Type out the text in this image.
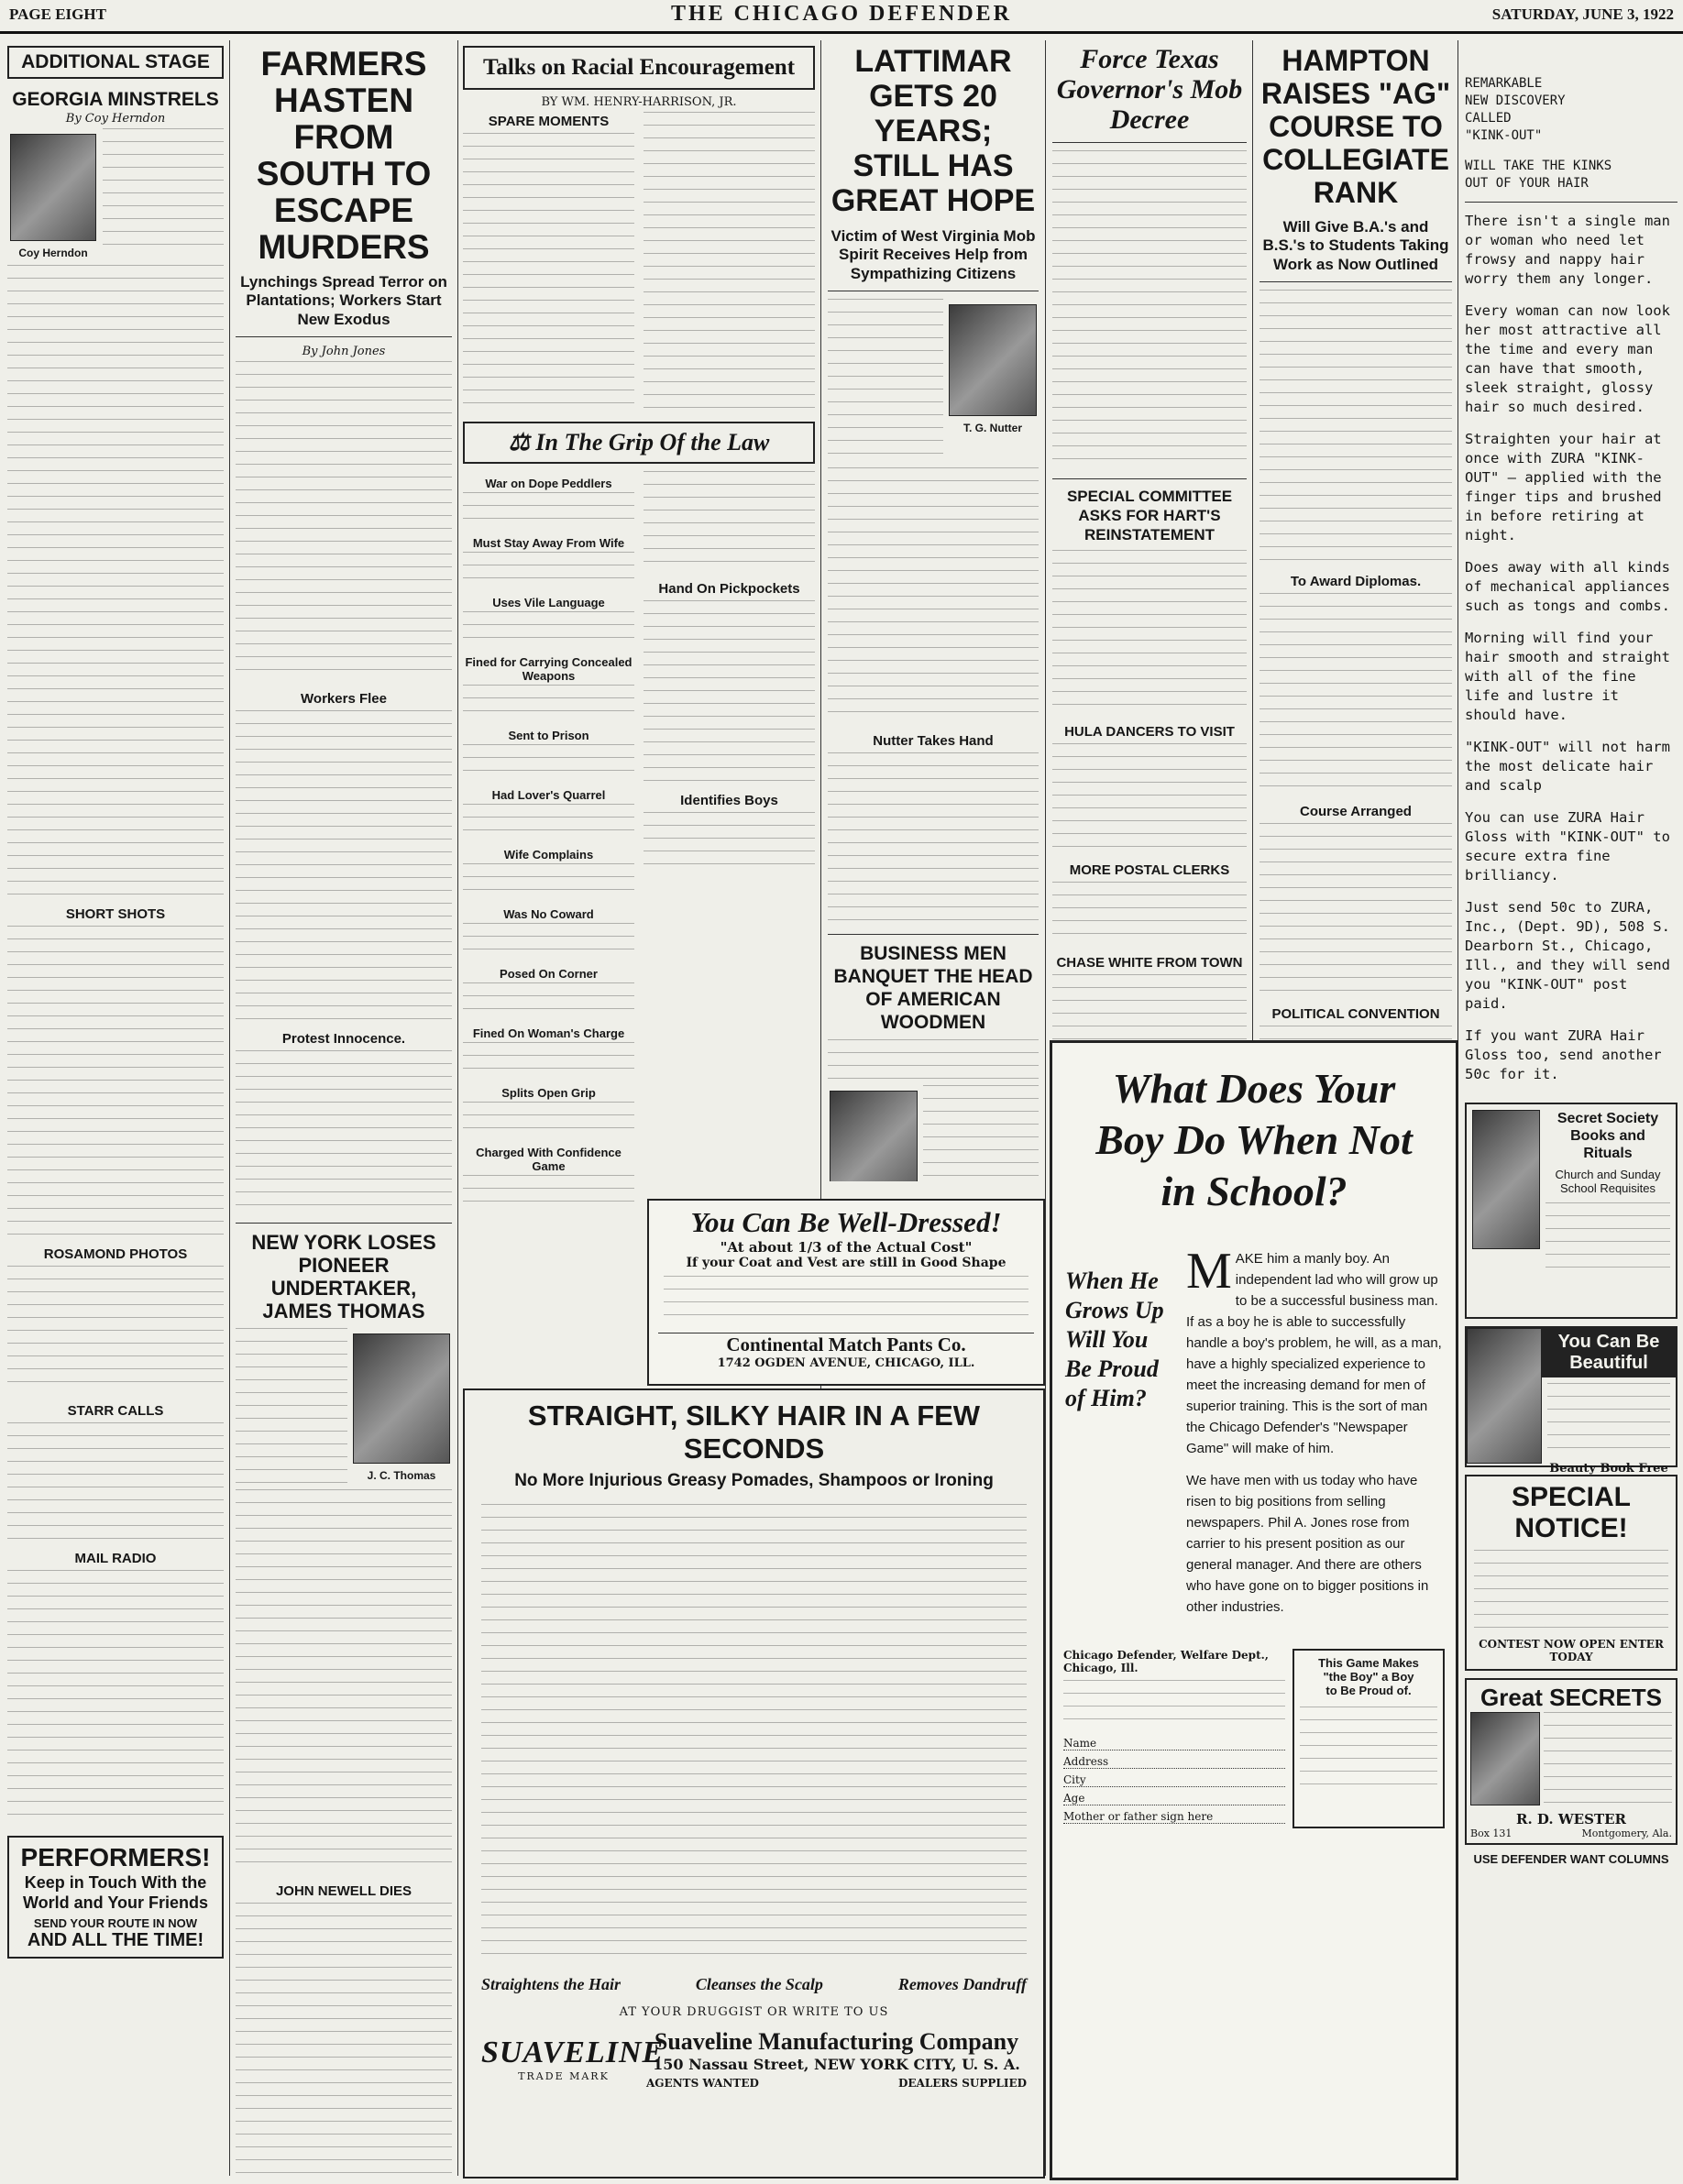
PAGE EIGHT	THE CHICAGO DEFENDER	SATURDAY, JUNE 3, 1922
ADDITIONAL STAGE
GEORGIA MINSTRELS
By Coy Herndon
Coy Herndon
SHORT SHOTS
ROSAMOND PHOTOS
STARR CALLS
MAIL RADIO
PERFORMERS!
Keep in Touch With the World and Your Friends
SEND YOUR ROUTE IN NOW
AND ALL THE TIME!
FARMERS HASTEN FROM SOUTH TO ESCAPE MURDERS
Lynchings Spread Terror on Plantations; Workers Start New Exodus
By John Jones
Workers Flee
Protest Innocence.
NEW YORK LOSES PIONEER UNDERTAKER, JAMES THOMAS
J. C. Thomas
JOHN NEWELL DIES
Talks on Racial Encouragement
BY WM. HENRY-HARRISON, JR.
SPARE MOMENTS
⚖ In The Grip Of the Law
War on Dope Peddlers
Must Stay Away From Wife
Uses Vile Language
Fined for Carrying Concealed Weapons
Sent to Prison
Had Lover's Quarrel
Wife Complains
Was No Coward
Posed On Corner
Fined On Woman's Charge
Splits Open Grip
Charged With Confidence Game
Hand On Pickpockets
Identifies Boys
LATTIMAR GETS 20 YEARS; STILL HAS GREAT HOPE
Victim of West Virginia Mob Spirit Receives Help from Sympathizing Citizens
T. G. Nutter
Nutter Takes Hand
BUSINESS MEN BANQUET THE HEAD OF AMERICAN WOODMEN
Force Texas Governor's Mob Decree
SPECIAL COMMITTEE ASKS FOR HART'S REINSTATEMENT
HULA DANCERS TO VISIT
MORE POSTAL CLERKS
CHASE WHITE FROM TOWN
HAMPTON RAISES "AG" COURSE TO COLLEGIATE RANK
Will Give B.A.'s and B.S.'s to Students Taking Work as Now Outlined
To Award Diplomas.
Course Arranged
POLITICAL CONVENTION
REMARKABLE
NEW DISCOVERY
CALLED
"KINK-OUT"
WILL TAKE THE KINKS
OUT OF YOUR HAIR
There isn't a single man or woman who need let frowsy and nappy hair worry them any longer.
Every woman can now look her most attractive all the time and every man can have that smooth, sleek straight, glossy hair so much desired.
Straighten your hair at once with ZURA "KINK-OUT" — applied with the finger tips and brushed in before retiring at night.
Does away with all kinds of mechanical appliances such as tongs and combs.
Morning will find your hair smooth and straight with all of the fine life and lustre it should have.
"KINK-OUT" will not harm the most delicate hair and scalp
You can use ZURA Hair Gloss with "KINK-OUT" to secure extra fine brilliancy.
Just send 50c to ZURA, Inc., (Dept. 9D), 508 S. Dearborn St., Chicago, Ill., and they will send you "KINK-OUT" post paid.
If you want ZURA Hair Gloss too, send another 50c for it.
Secret Society Books and Rituals
Church and Sunday School Requisites
You Can Be Beautiful
Beauty Book Free
SPECIAL NOTICE!
CONTEST NOW OPEN ENTER TODAY
Great SECRETS
R. D. WESTER
Box 131	Montgomery, Ala.
USE DEFENDER WANT COLUMNS
You Can Be Well-Dressed!
"At about 1/3 of the Actual Cost"
If your Coat and Vest are still in Good Shape
Continental Match Pants Co.
1742 OGDEN AVENUE, CHICAGO, ILL.
STRAIGHT, SILKY HAIR IN A FEW SECONDS
No More Injurious Greasy Pomades, Shampoos or Ironing
Straightens the Hair	Cleanses the Scalp	Removes Dandruff
AT YOUR DRUGGIST OR WRITE TO US
SUAVELINE
TRADE MARK
Suaveline Manufacturing Company
150 Nassau Street, NEW YORK CITY, U. S. A.
AGENTS WANTED	DEALERS SUPPLIED
What Does Your Boy Do When Not in School?
When He Grows Up Will You Be Proud of Him?
M AKE him a manly boy. An independent lad who will grow up to be a successful business man. If as a boy he is able to successfully handle a boy's problem, he will, as a man, have a highly specialized experience to meet the increasing demand for men of superior training. This is the sort of man the Chicago Defender's "Newspaper Game" will make of him.
We have men with us today who have risen to big positions from selling newspapers. Phil A. Jones rose from carrier to his present position as our general manager. And there are others who have gone on to bigger positions in other industries.
Chicago Defender, Welfare Dept., Chicago, Ill.
Name
Address
City
Age
Mother or father sign here
This Game Makes
"the Boy" a Boy
to Be Proud of.
